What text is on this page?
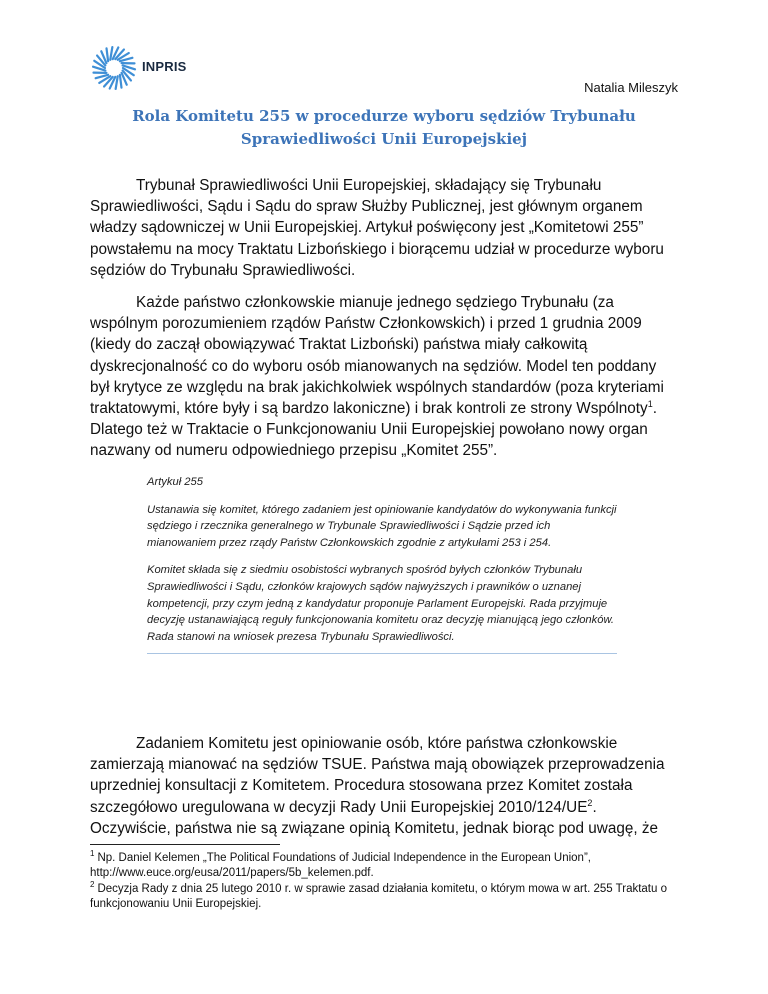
INPRIS
Natalia Mileszyk
Rola Komitetu 255 w procedurze wyboru sędziów Trybunału
Sprawiedliwości Unii Europejskiej

Trybunał Sprawiedliwości Unii Europejskiej, składający się Trybunału Sprawiedliwości, Sądu i Sądu do spraw Służby Publicznej, jest głównym organem władzy sądowniczej w Unii Europejskiej. Artykuł poświęcony jest „Komitetowi 255” powstałemu na mocy Traktatu Lizbońskiego i biorącemu udział w procedurze wyboru sędziów do Trybunału Sprawiedliwości.

Każde państwo członkowskie mianuje jednego sędziego Trybunału (za wspólnym porozumieniem rządów Państw Członkowskich) i przed 1 grudnia 2009 (kiedy do zaczął obowiązywać Traktat Lizboński) państwa miały całkowitą dyskrecjonalność co do wyboru osób mianowanych na sędziów. Model ten poddany był krytyce ze względu na brak jakichkolwiek wspólnych standardów (poza kryteriami traktatowymi, które były i są bardzo lakoniczne) i brak kontroli ze strony Wspólnoty$^1$. Dlatego też w Traktacie o Funkcjonowaniu Unii Europejskiej powołano nowy organ nazwany od numeru odpowiedniego przepisu „Komitet 255”.

Artykuł 255

Ustanawia się komitet, którego zadaniem jest opiniowanie kandydatów do wykonywania funkcji sędziego i rzecznika generalnego w Trybunale Sprawiedliwości i Sądzie przed ich mianowaniem przez rządy Państw Członkowskich zgodnie z artykułami 253 i 254.

Komitet składa się z siedmiu osobistości wybranych spośród byłych członków Trybunału Sprawiedliwości i Sądu, członków krajowych sądów najwyższych i prawników o uznanej kompetencji, przy czym jedną z kandydatur proponuje Parlament Europejski. Rada przyjmuje decyzję ustanawiającą reguły funkcjonowania komitetu oraz decyzję mianującą jego członków. Rada stanowi na wniosek prezesa Trybunału Sprawiedliwości.

Zadaniem Komitetu jest opiniowanie osób, które państwa członkowskie zamierzają mianować na sędziów TSUE. Państwa mają obowiązek przeprowadzenia uprzedniej konsultacji z Komitetem. Procedura stosowana przez Komitet została szczegółowo uregulowana w decyzji Rady Unii Europejskiej $2010/124/UE^2$. Oczywiście, państwa nie są związane opinią Komitetu, jednak biorąc pod uwagę, że

$^1$ Np. Daniel Kelemen „The Political Foundations of Judicial Independence in the European Union”, http://www.euce.org/eusa/2011/papers/5b_kelemen.pdf.
$^2$ Decyzja Rady z dnia 25 lutego 2010 r. w sprawie zasad działania komitetu, o którym mowa w art. 255 Traktatu o funkcjonowaniu Unii Europejskiej.
